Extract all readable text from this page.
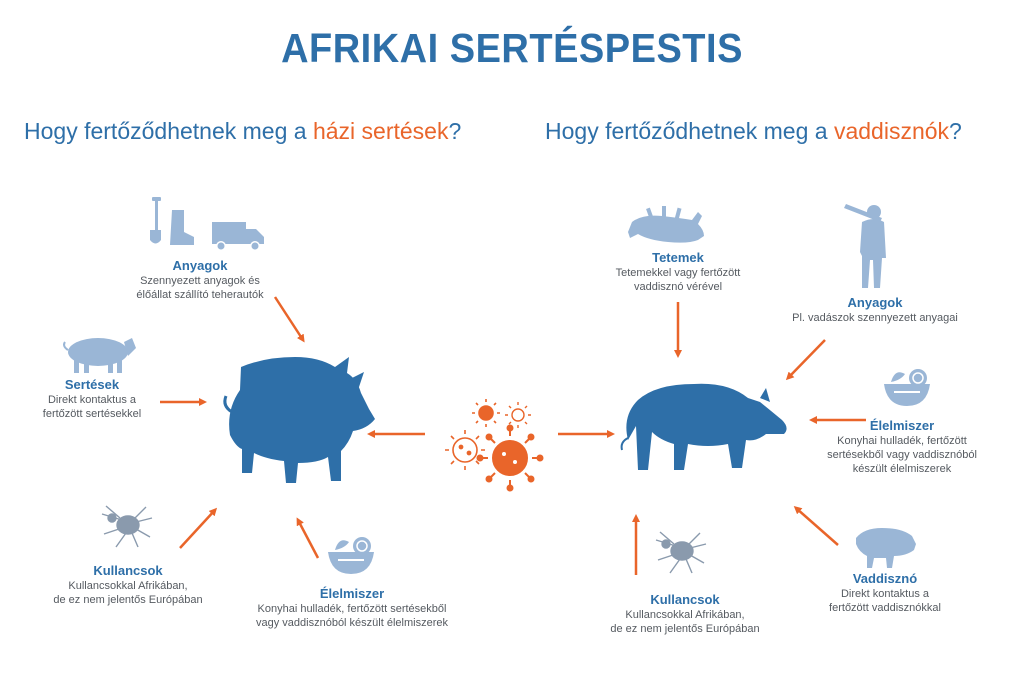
AFRIKAI SERTÉSPESTIS
Hogy fertőződhetnek meg a házi sertések?	Hogy fertőződhetnek meg a vaddisznók?
Anyagok
Szennyezett anyagok és
élőállat szállító teherautók
Sertések
Direkt kontaktus a
fertőzött sertésekkel
Kullancsok
Kullancsokkal Afrikában,
de ez nem jelentős Európában	Élelmiszer
Konyhai hulladék, fertőzött sertésekből
vagy vaddisznóból készült élelmiszerek
Tetemek
Tetemekkel vagy fertőzött
vaddisznó vérével
Anyagok
Pl. vadászok szennyezett anyagai
Élelmiszer
Konyhai hulladék, fertőzött
sertésekből vagy vaddisznóból
készült élelmiszerek
Vaddisznó
Direkt kontaktus a
fertőzött vaddisznókkal
Kullancsok
Kullancsokkal Afrikában,
de ez nem jelentős Európában
